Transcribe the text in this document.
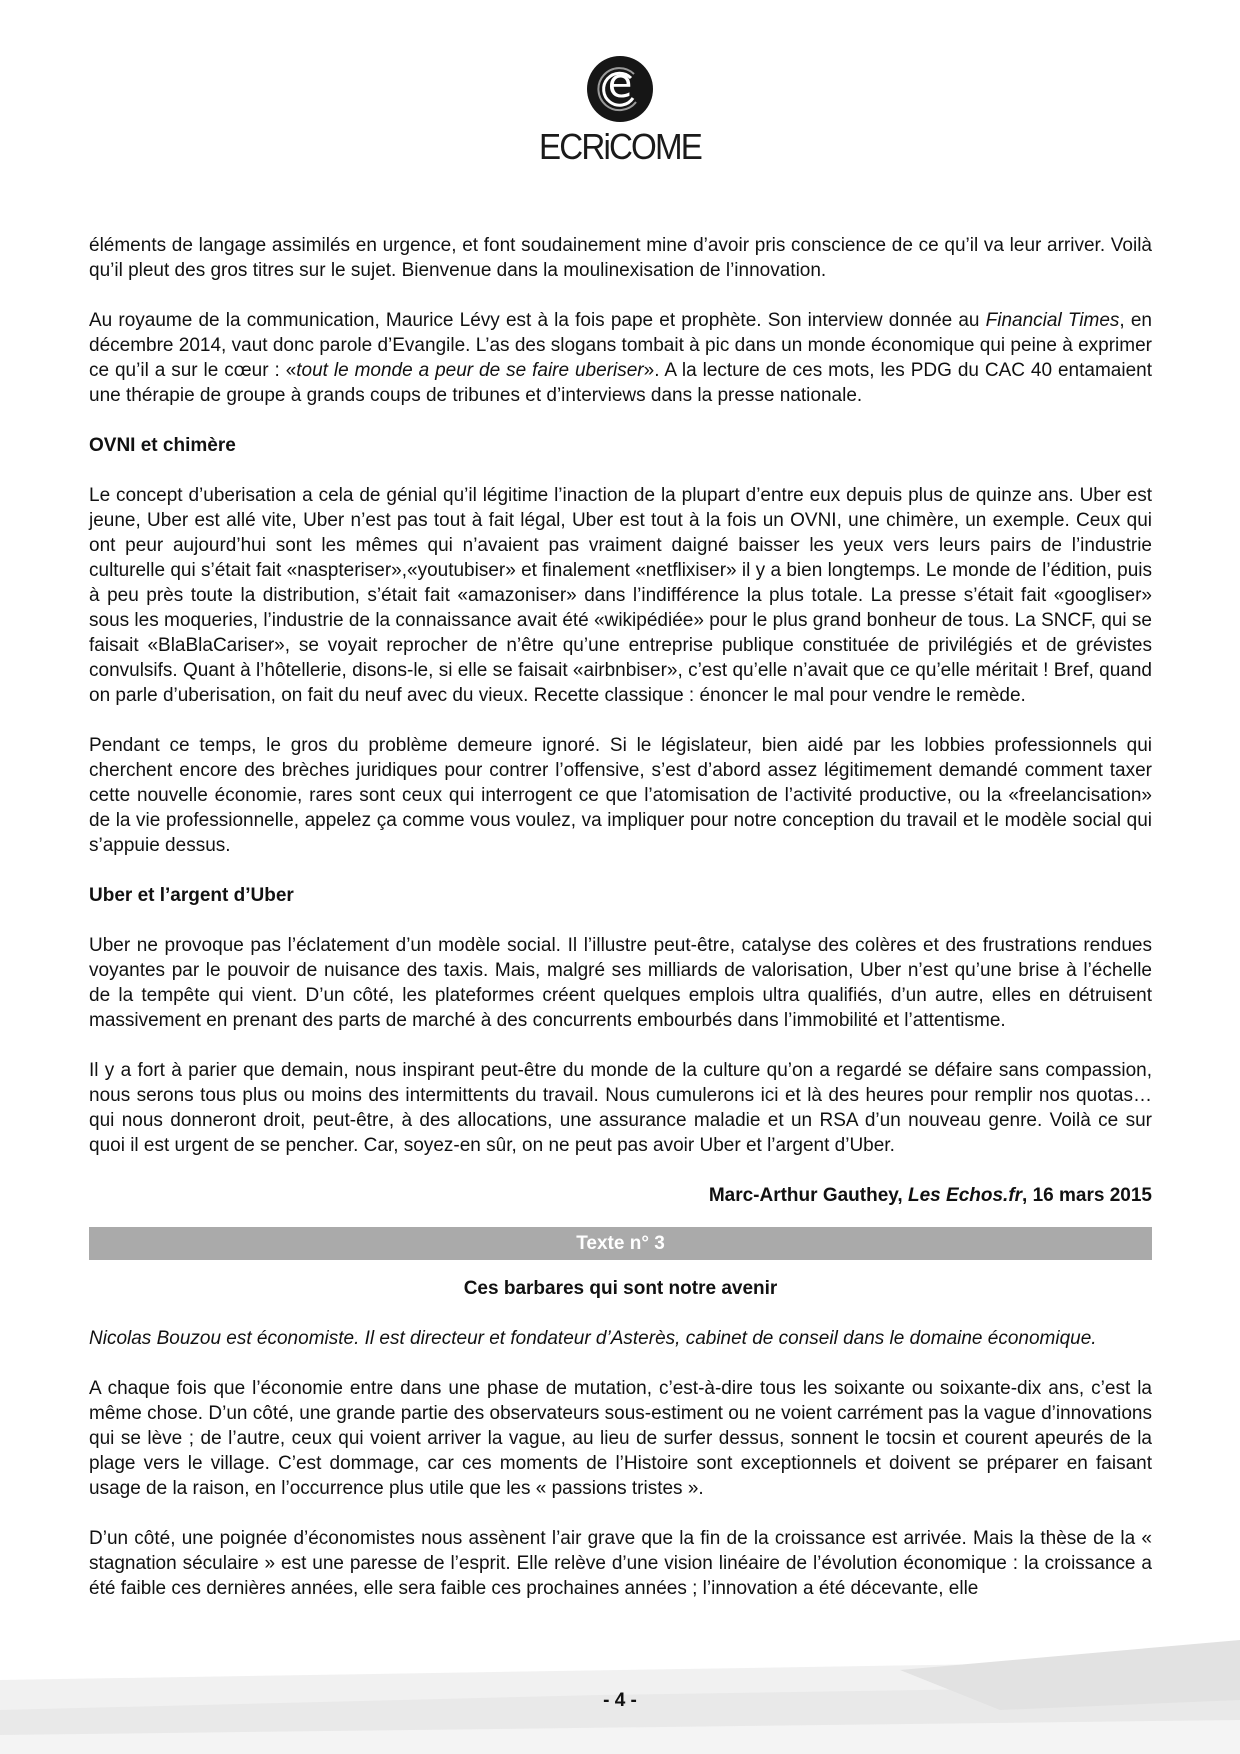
e
ECRiCOME

éléments de langage assimilés en urgence, et font soudainement mine d’avoir pris conscience de ce qu’il va leur arriver. Voilà qu’il pleut des gros titres sur le sujet. Bienvenue dans la moulinexisation de l’innovation.

Au royaume de la communication, Maurice Lévy est à la fois pape et prophète. Son interview donnée au Financial Times, en décembre 2014, vaut donc parole d’Evangile. L’as des slogans tombait à pic dans un monde économique qui peine à exprimer ce qu’il a sur le cœur : «tout le monde a peur de se faire uberiser». A la lecture de ces mots, les PDG du CAC 40 entamaient une thérapie de groupe à grands coups de tribunes et d’interviews dans la presse nationale.

OVNI et chimère

Le concept d’uberisation a cela de génial qu’il légitime l’inaction de la plupart d’entre eux depuis plus de quinze ans. Uber est jeune, Uber est allé vite, Uber n’est pas tout à fait légal, Uber est tout à la fois un OVNI, une chimère, un exemple. Ceux qui ont peur aujourd’hui sont les mêmes qui n’avaient pas vraiment daigné baisser les yeux vers leurs pairs de l’industrie culturelle qui s’était fait «naspteriser»,«youtubiser» et finalement «netflixiser» il y a bien longtemps. Le monde de l’édition, puis à peu près toute la distribution, s’était fait «amazoniser» dans l’indifférence la plus totale. La presse s’était fait «googliser» sous les moqueries, l’industrie de la connaissance avait été «wikipédiée» pour le plus grand bonheur de tous. La SNCF, qui se faisait «BlaBlaCariser», se voyait reprocher de n’être qu’une entreprise publique constituée de privilégiés et de grévistes convulsifs. Quant à l’hôtellerie, disons-le, si elle se faisait «airbnbiser», c’est qu’elle n’avait que ce qu’elle méritait ! Bref, quand on parle d’uberisation, on fait du neuf avec du vieux. Recette classique : énoncer le mal pour vendre le remède.

Pendant ce temps, le gros du problème demeure ignoré. Si le législateur, bien aidé par les lobbies professionnels qui cherchent encore des brèches juridiques pour contrer l’offensive, s’est d’abord assez légitimement demandé comment taxer cette nouvelle économie, rares sont ceux qui interrogent ce que l’atomisation de l’activité productive, ou la «freelancisation» de la vie professionnelle, appelez ça comme vous voulez, va impliquer pour notre conception du travail et le modèle social qui s’appuie dessus.

Uber et l’argent d’Uber

Uber ne provoque pas l’éclatement d’un modèle social. Il l’illustre peut-être, catalyse des colères et des frustrations rendues voyantes par le pouvoir de nuisance des taxis. Mais, malgré ses milliards de valorisation, Uber n’est qu’une brise à l’échelle de la tempête qui vient. D’un côté, les plateformes créent quelques emplois ultra qualifiés, d’un autre, elles en détruisent massivement en prenant des parts de marché à des concurrents embourbés dans l’immobilité et l’attentisme.

Il y a fort à parier que demain, nous inspirant peut-être du monde de la culture qu’on a regardé se défaire sans compassion, nous serons tous plus ou moins des intermittents du travail. Nous cumulerons ici et là des heures pour remplir nos quotas… qui nous donneront droit, peut-être, à des allocations, une assurance maladie et un RSA d’un nouveau genre. Voilà ce sur quoi il est urgent de se pencher. Car, soyez-en sûr, on ne peut pas avoir Uber et l’argent d’Uber.

Marc-Arthur Gauthey, Les Echos.fr, 16 mars 2015

Texte n° 3

Ces barbares qui sont notre avenir

Nicolas Bouzou est économiste. Il est directeur et fondateur d’Asterès, cabinet de conseil dans le domaine économique.

A chaque fois que l’économie entre dans une phase de mutation, c’est-à-dire tous les soixante ou soixante-dix ans, c’est la même chose. D’un côté, une grande partie des observateurs sous-estiment ou ne voient carrément pas la vague d’innovations qui se lève ; de l’autre, ceux qui voient arriver la vague, au lieu de surfer dessus, sonnent le tocsin et courent apeurés de la plage vers le village. C’est dommage, car ces moments de l’Histoire sont exceptionnels et doivent se préparer en faisant usage de la raison, en l’occurrence plus utile que les « passions tristes ».

D’un côté, une poignée d’économistes nous assènent l’air grave que la fin de la croissance est arrivée. Mais la thèse de la « stagnation séculaire » est une paresse de l’esprit. Elle relève d’une vision linéaire de l’évolution économique : la croissance a été faible ces dernières années, elle sera faible ces prochaines années ; l’innovation a été décevante, elle

- 4 -
